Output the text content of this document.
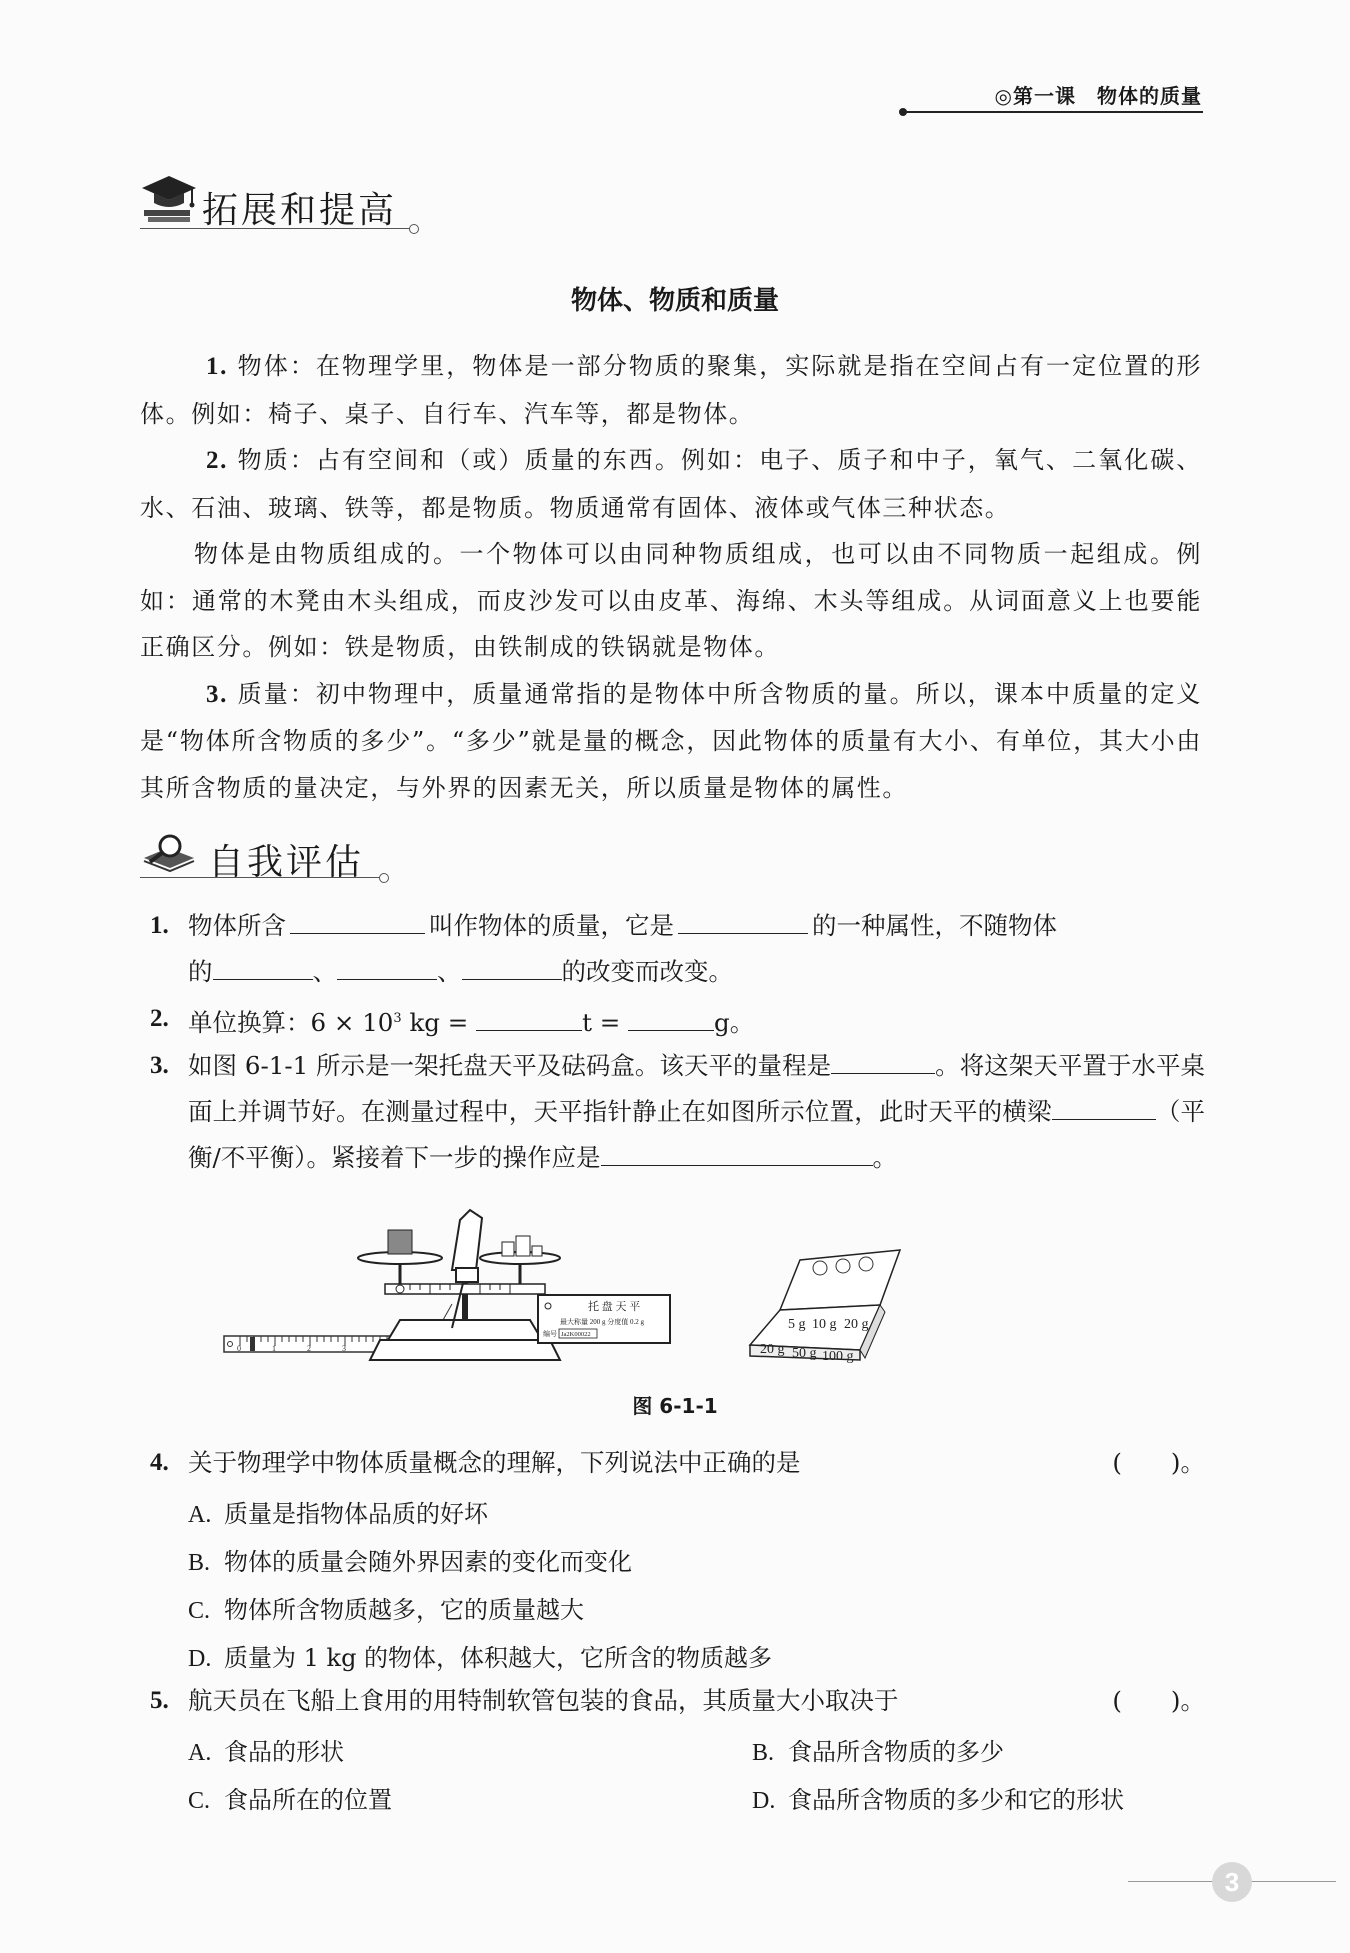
◎第一课　物体的质量
拓展和提高
物体、物质和质量

1. 物体：在物理学里，物体是一部分物质的聚集，实际就是指在空间占有一定位置的形体。例如：椅子、桌子、自行车、汽车等，都是物体。

2. 物质：占有空间和（或）质量的东西。例如：电子、质子和中子，氧气、二氧化碳、水、石油、玻璃、铁等，都是物质。物质通常有固体、液体或气体三种状态。

物体是由物质组成的。一个物体可以由同种物质组成，也可以由不同物质一起组成。例如：通常的木凳由木头组成，而皮沙发可以由皮革、海绵、木头等组成。从词面意义上也要能正确区分。例如：铁是物质，由铁制成的铁锅就是物体。

3. 质量：初中物理中，质量通常指的是物体中所含物质的量。所以，课本中质量的定义是“物体所含物质的多少”。“多少”就是量的概念，因此物体的质量有大小、有单位，其大小由其所含物质的量决定，与外界的因素无关，所以质量是物体的属性。

自我评估
1. 物体所含	叫作物体的质量，它是	的一种属性，不随物体
的	、	、	的改变而改变。
2. 单位换算：$6 \times 10^3$ kg =	t =	g。
3. 如图 6-1-1 所示是一架托盘天平及砝码盒。该天平的量程是	。将这架天平置于水平桌面上并调节好。在测量过程中，天平指针静止在如图所示位置，此时天平的横梁	（平衡/不平衡）。紧接着下一步的操作应是	。
0	1	2	3
托 盘 天 平
最大称量 200 g 分度值 0.2 g
编号 Ja2K00022
5 g 10 g 20 g
20 g 50 g 100 g
图 6-1-1
4. 关于物理学中物体质量概念的理解，下列说法中正确的是	(　　)。
A. 质量是指物体品质的好坏
B. 物体的质量会随外界因素的变化而变化
C. 物体所含物质越多，它的质量越大
D. 质量为 1 kg 的物体，体积越大，它所含的物质越多
5. 航天员在飞船上食用的用特制软管包装的食品，其质量大小取决于	(　　)。
A. 食品的形状	B. 食品所含物质的多少
C. 食品所在的位置	D. 食品所含物质的多少和它的形状
3
